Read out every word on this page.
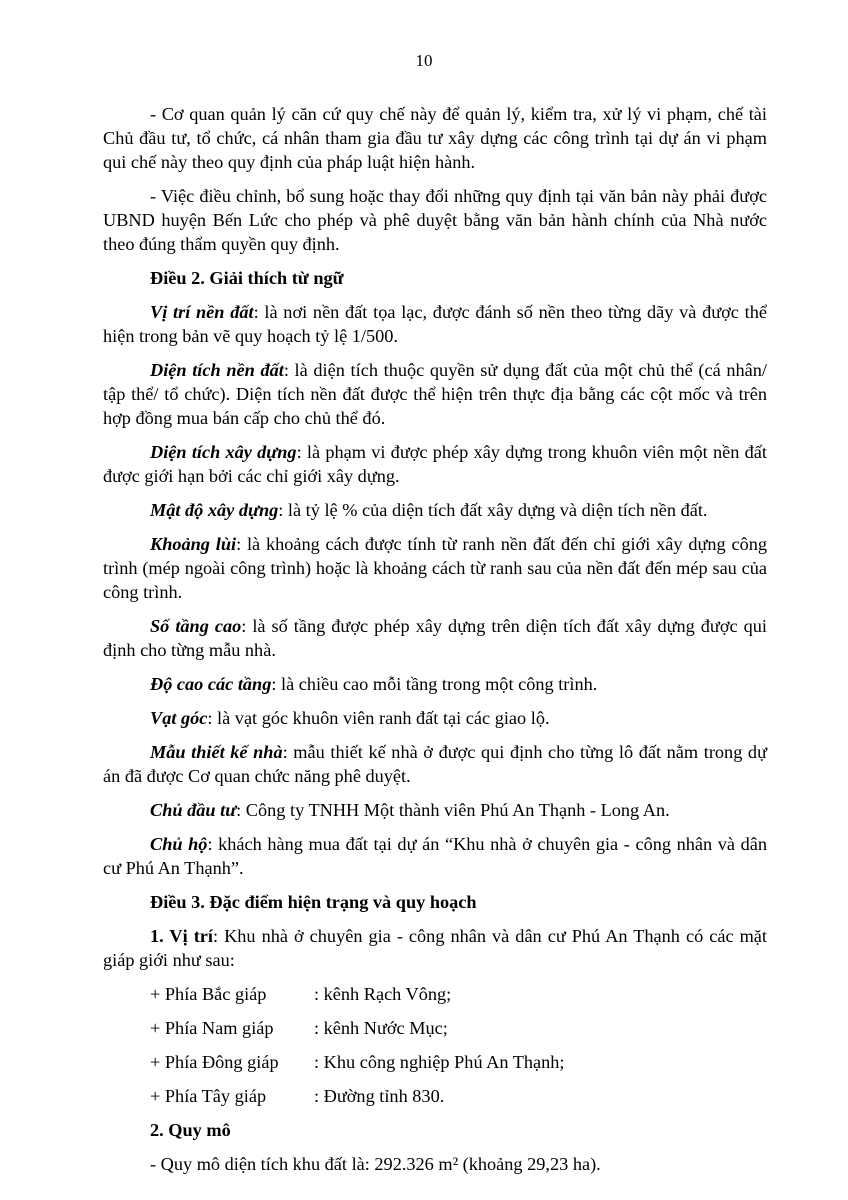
10

- Cơ quan quản lý căn cứ quy chế này để quản lý, kiểm tra, xử lý vi phạm, chế tài Chủ đầu tư, tổ chức, cá nhân tham gia đầu tư xây dựng các công trình tại dự án vi phạm qui chế này theo quy định của pháp luật hiện hành.

- Việc điều chỉnh, bổ sung hoặc thay đổi những quy định tại văn bản này phải được UBND huyện Bến Lức cho phép và phê duyệt bằng văn bản hành chính của Nhà nước theo đúng thẩm quyền quy định.

Điều 2. Giải thích từ ngữ

Vị trí nền đất: là nơi nền đất tọa lạc, được đánh số nền theo từng dãy và được thể hiện trong bản vẽ quy hoạch tỷ lệ 1/500.

Diện tích nền đất: là diện tích thuộc quyền sử dụng đất của một chủ thể (cá nhân/ tập thể/ tổ chức). Diện tích nền đất được thể hiện trên thực địa bằng các cột mốc và trên hợp đồng mua bán cấp cho chủ thể đó.

Diện tích xây dựng: là phạm vi được phép xây dựng trong khuôn viên một nền đất được giới hạn bởi các chỉ giới xây dựng.

Mật độ xây dựng: là tỷ lệ % của diện tích đất xây dựng và diện tích nền đất.

Khoảng lùi: là khoảng cách được tính từ ranh nền đất đến chỉ giới xây dựng công trình (mép ngoài công trình) hoặc là khoảng cách từ ranh sau của nền đất đến mép sau của công trình.

Số tầng cao: là số tầng được phép xây dựng trên diện tích đất xây dựng được qui định cho từng mẫu nhà.

Độ cao các tầng: là chiều cao mỗi tầng trong một công trình.

Vạt góc: là vạt góc khuôn viên ranh đất tại các giao lộ.

Mẫu thiết kế nhà: mẫu thiết kế nhà ở được qui định cho từng lô đất nằm trong dự án đã được Cơ quan chức năng phê duyệt.

Chủ đầu tư: Công ty TNHH Một thành viên Phú An Thạnh - Long An.

Chủ hộ: khách hàng mua đất tại dự án “Khu nhà ở chuyên gia - công nhân và dân cư Phú An Thạnh”.

Điều 3. Đặc điểm hiện trạng và quy hoạch

1. Vị trí: Khu nhà ở chuyên gia - công nhân và dân cư Phú An Thạnh có các mặt giáp giới như sau:

+ Phía Bắc giáp	: kênh Rạch Vông;
+ Phía Nam giáp : kênh Nước Mục;
+ Phía Đông giáp : Khu công nghiệp Phú An Thạnh;
+ Phía Tây giáp	: Đường tỉnh 830.

2. Quy mô

- Quy mô diện tích khu đất là: 292.326 m² (khoảng 29,23 ha).
